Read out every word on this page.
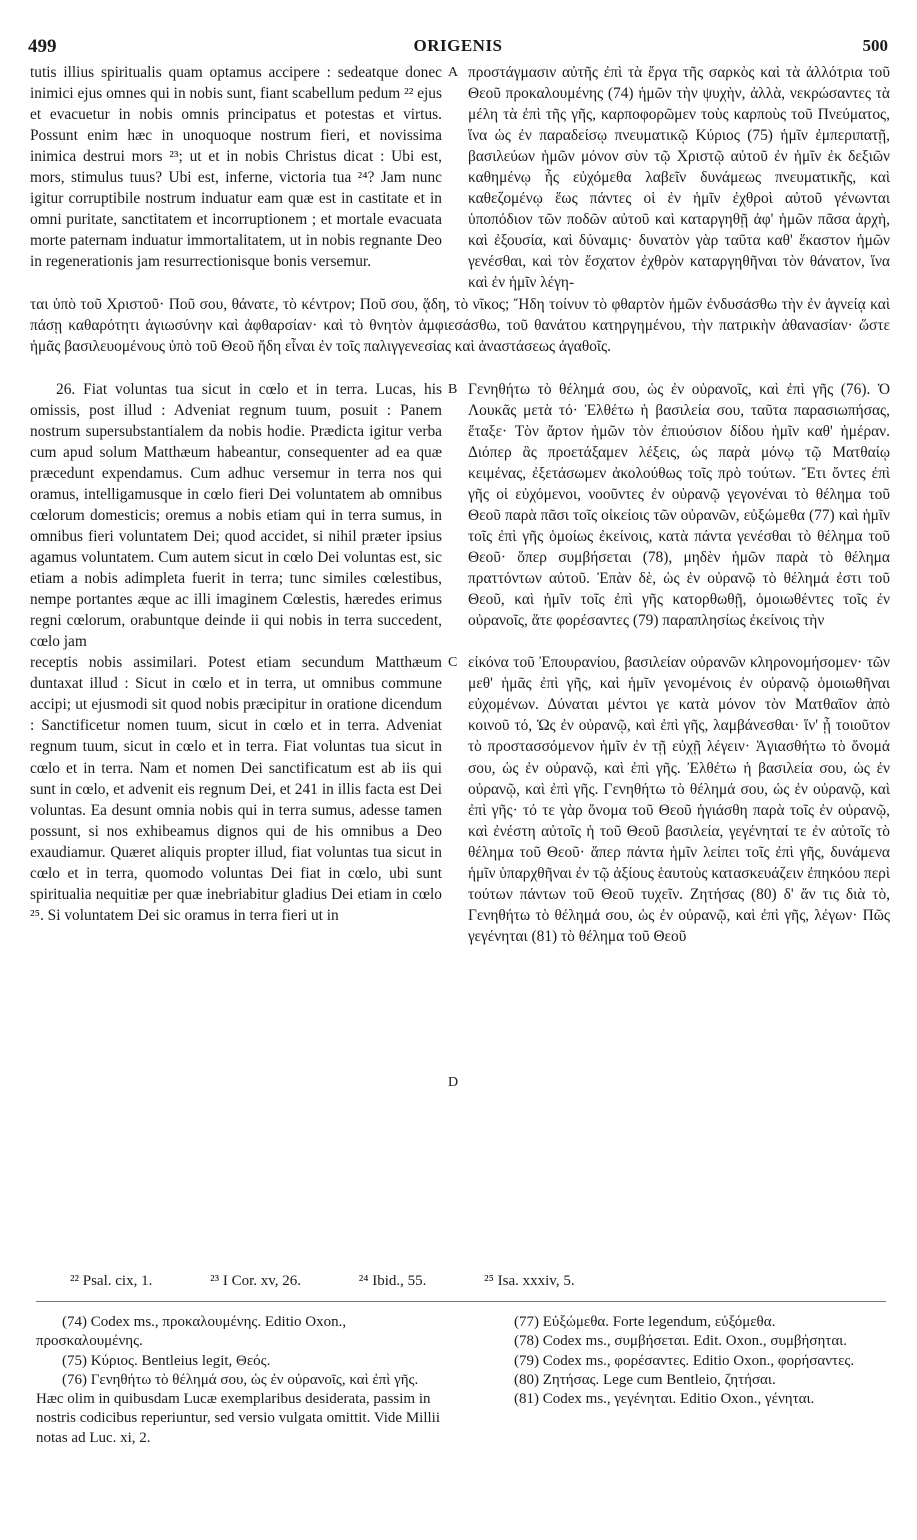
499	ORIGENIS	500

tutis illius spiritualis quam optamus accipere : sedeatque donec inimici ejus omnes qui in nobis sunt, fiant scabellum pedum ²² ejus et evacuetur in nobis omnis principatus et potestas et virtus. Possunt enim hæc in unoquoque nostrum fieri, et novissima inimica destrui mors ²³; ut et in nobis Christus dicat : Ubi est, mors, stimulus tuus? Ubi est, inferne, victoria tua ²⁴? Jam nunc igitur corruptibile nostrum induatur eam quæ est in castitate et in omni puritate, sanctitatem et incorruptionem ; et mortale evacuata morte paternam induatur immortalitatem, ut in nobis regnante Deo in regenerationis jam resurrectionisque bonis versemur.

A προστάγμασιν αὐτῆς ἐπὶ τὰ ἔργα τῆς σαρκὸς καὶ τὰ ἀλλότρια τοῦ Θεοῦ προκαλουμένης (74) ἡμῶν τὴν ψυχὴν, ἀλλὰ, νεκρώσαντες τὰ μέλη τὰ ἐπὶ τῆς γῆς, καρποφορῶμεν τοὺς καρποὺς τοῦ Πνεύματος, ἵνα ὡς ἐν παραδείσῳ πνευματικῷ Κύριος (75) ἡμῖν ἐμπεριπατῇ, βασιλεύων ἡμῶν μόνον σὺν τῷ Χριστῷ αὐτοῦ ἐν ἡμῖν ἐκ δεξιῶν καθημένῳ ἧς εὐχόμεθα λαβεῖν δυνάμεως πνευματικῆς, καὶ καθεζομένῳ ἕως πάντες οἱ ἐν ἡμῖν ἐχθροὶ αὐτοῦ γένωνται ὑποπόδιον τῶν ποδῶν αὐτοῦ καὶ καταργηθῇ ἀφ' ἡμῶν πᾶσα ἀρχὴ, καὶ ἐξουσία, καὶ δύναμις· δυνατὸν γὰρ ταῦτα καθ' ἕκαστον ἡμῶν γενέσθαι, καὶ τὸν ἔσχατον ἐχθρὸν καταργηθῆναι τὸν θάνατον, ἵνα καὶ ἐν ἡμῖν λέγη-

ται ὑπὸ τοῦ Χριστοῦ· Ποῦ σου, θάνατε, τὸ κέντρον; Ποῦ σου, ᾅδη, τὸ νῖκος; Ἤδη τοίνυν τὸ φθαρτὸν ἡμῶν ἐνδυσάσθω τὴν ἐν ἁγνείᾳ καὶ πάσῃ καθαρότητι ἁγιωσύνην καὶ ἀφθαρσίαν· καὶ τὸ θνητὸν ἀμφιεσάσθω, τοῦ θανάτου κατηργημένου, τὴν πατρικὴν ἀθανασίαν· ὥστε ἡμᾶς βασιλευομένους ὑπὸ τοῦ Θεοῦ ἤδη εἶναι ἐν τοῖς παλιγγενεσίας καὶ ἀναστάσεως ἀγαθοῖς.

26. Fiat voluntas tua sicut in cœlo et in terra. Lucas, his omissis, post illud : Adveniat regnum tuum, posuit : Panem nostrum supersubstantialem da nobis hodie. Prædicta igitur verba cum apud solum Matthæum habeantur, consequenter ad ea quæ præcedunt expendamus. Cum adhuc versemur in terra nos qui oramus, intelligamusque in cœlo fieri Dei voluntatem ab omnibus cœlorum domesticis; oremus a nobis etiam qui in terra sumus, in omnibus fieri voluntatem Dei; quod accidet, si nihil præter ipsius agamus voluntatem. Cum autem sicut in cœlo Dei voluntas est, sic etiam a nobis adimpleta fuerit in terra; tunc similes cœlestibus, nempe portantes æque ac illi imaginem Cœlestis, hæredes erimus regni cœlorum, orabuntque deinde ii qui nobis in terra succedent, cœlo jam

B Γενηθήτω τὸ θέλημά σου, ὡς ἐν οὐρανοῖς, καὶ ἐπὶ γῆς (76). Ὁ Λουκᾶς μετὰ τό· Ἐλθέτω ἡ βασιλεία σου, ταῦτα παρασιωπήσας, ἔταξε· Τὸν ἄρτον ἡμῶν τὸν ἐπιούσιον δίδου ἡμῖν καθ' ἡμέραν. Διόπερ ἃς προετάξαμεν λέξεις, ὡς παρὰ μόνῳ τῷ Ματθαίῳ κειμένας, ἐξετάσωμεν ἀκολούθως τοῖς πρὸ τούτων. Ἔτι ὄντες ἐπὶ γῆς οἱ εὐχόμενοι, νοοῦντες ἐν οὐρανῷ γεγονέναι τὸ θέλημα τοῦ Θεοῦ παρὰ πᾶσι τοῖς οἰκείοις τῶν οὐρανῶν, εὐξώμεθα (77) καὶ ἡμῖν τοῖς ἐπὶ γῆς ὁμοίως ἐκείνοις, κατὰ πάντα γενέσθαι τὸ θέλημα τοῦ Θεοῦ· ὅπερ συμβήσεται (78), μηδὲν ἡμῶν παρὰ τὸ θέλημα πραττόντων αὐτοῦ. Ἐπὰν δὲ, ὡς ἐν οὐρανῷ τὸ θέλημά ἐστι τοῦ Θεοῦ, καὶ ἡμῖν τοῖς ἐπὶ γῆς κατορθωθῇ, ὁμοιωθέντες τοῖς ἐν οὐρανοῖς, ἅτε φορέσαντες (79) παραπλησίως ἐκείνοις τὴν

receptis nobis assimilari. Potest etiam secundum Matthæum duntaxat illud : Sicut in cœlo et in terra, ut omnibus commune accipi; ut ejusmodi sit quod nobis præcipitur in oratione dicendum : Sanctificetur nomen tuum, sicut in cœlo et in terra. Adveniat regnum tuum, sicut in cœlo et in terra. Fiat voluntas tua sicut in cœlo et in terra. Nam et nomen Dei sanctificatum est ab iis qui sunt in cœlo, et advenit eis regnum Dei, et 241 in illis facta est Dei voluntas. Ea desunt omnia nobis qui in terra sumus, adesse tamen possunt, si nos exhibeamus dignos qui de his omnibus a Deo exaudiamur. Quæret aliquis propter illud, fiat voluntas tua sicut in cœlo et in terra, quomodo voluntas Dei fiat in cœlo, ubi sunt spiritualia nequitiæ per quæ inebriabitur gladius Dei etiam in cœlo ²⁵. Si voluntatem Dei sic oramus in terra fieri ut in

C
D

εἰκόνα τοῦ Ἐπουρανίου, βασιλείαν οὐρανῶν κληρονομήσομεν· τῶν μεθ' ἡμᾶς ἐπὶ γῆς, καὶ ἡμῖν γενομένοις ἐν οὐρανῷ ὁμοιωθῆναι εὐχομένων. Δύναται μέντοι γε κατὰ μόνον τὸν Ματθαῖον ἀπὸ κοινοῦ τό, Ὡς ἐν οὐρανῷ, καὶ ἐπὶ γῆς, λαμβάνεσθαι· ἵν' ᾖ τοιοῦτον τὸ προστασσόμενον ἡμῖν ἐν τῇ εὐχῇ λέγειν· Ἁγιασθήτω τὸ ὄνομά σου, ὡς ἐν οὐρανῷ, καὶ ἐπὶ γῆς. Ἐλθέτω ἡ βασιλεία σου, ὡς ἐν οὐρανῷ, καὶ ἐπὶ γῆς. Γενηθήτω τὸ θέλημά σου, ὡς ἐν οὐρανῷ, καὶ ἐπὶ γῆς· τό τε γὰρ ὄνομα τοῦ Θεοῦ ἡγιάσθη παρὰ τοῖς ἐν οὐρανῷ, καὶ ἐνέστη αὐτοῖς ἡ τοῦ Θεοῦ βασιλεία, γεγένηταί τε ἐν αὐτοῖς τὸ θέλημα τοῦ Θεοῦ· ἅπερ πάντα ἡμῖν λείπει τοῖς ἐπὶ γῆς, δυνάμενα ἡμῖν ὑπαρχθῆναι ἐν τῷ ἀξίους ἑαυτοὺς κατασκευάζειν ἐπηκόου περὶ τούτων πάντων τοῦ Θεοῦ τυχεῖν. Ζητήσας (80) δ' ἄν τις διὰ τὸ, Γενηθήτω τὸ θέλημά σου, ὡς ἐν οὐρανῷ, καὶ ἐπὶ γῆς, λέγων· Πῶς γεγένηται (81) τὸ θέλημα τοῦ Θεοῦ

²² Psal. cix, 1.	²³ I Cor. xv, 26.	²⁴ Ibid., 55.	²⁵ Isa. xxxiv, 5.

(74) Codex ms., προκαλουμένης. Editio Oxon., προσκαλουμένης.

(75) Κύριος. Bentleius legit, Θεός.

(76) Γενηθήτω τὸ θέλημά σου, ὡς ἐν οὐρανοῖς, καὶ ἐπὶ γῆς. Hæc olim in quibusdam Lucæ exemplaribus desiderata, passim in nostris codicibus reperiuntur, sed versio vulgata omittit. Vide Millii notas ad Luc. xi, 2.

(77) Εὐξώμεθα. Forte legendum, εὐξόμεθα.

(78) Codex ms., συμβήσεται. Edit. Oxon., συμβήσηται.

(79) Codex ms., φορέσαντες. Editio Oxon., φορήσαντες.

(80) Ζητήσας. Lege cum Bentleio, ζητήσαι.

(81) Codex ms., γεγένηται. Editio Oxon., γένηται.
